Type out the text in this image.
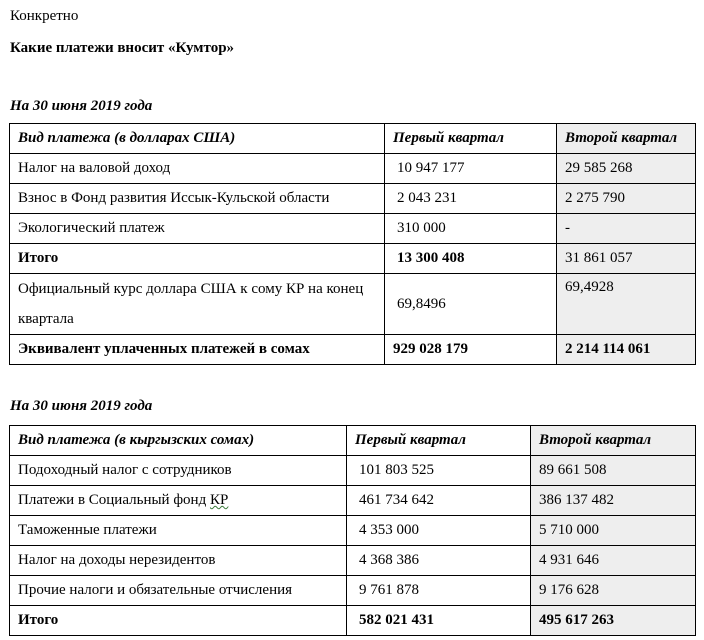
Конкретно
Какие платежи вносит «Кумтор»
На 30 июня 2019 года
Вид платежа (в долларах США)	Первый квартал	Второй квартал
Налог на валовой доход	10 947 177	29 585 268
Взнос в Фонд развития Иссык-Кульской области	2 043 231	2 275 790
Экологический платеж	310 000	-
Итого	13 300 408	31 861 057
Официальный курс доллара США к сому КР на конец квартала	69,8496	69,4928
Эквивалент уплаченных платежей в сомах	929 028 179	2 214 114 061
На 30 июня 2019 года
Вид платежа (в кыргызских сомах)	Первый квартал	Второй квартал
Подоходный налог с сотрудников	101 803 525	89 661 508
Платежи в Социальный фонд КР	461 734 642	386 137 482
Таможенные платежи	4 353 000	5 710 000
Налог на доходы нерезидентов	4 368 386	4 931 646
Прочие налоги и обязательные отчисления	9 761 878	9 176 628
Итого	582 021 431	495 617 263
